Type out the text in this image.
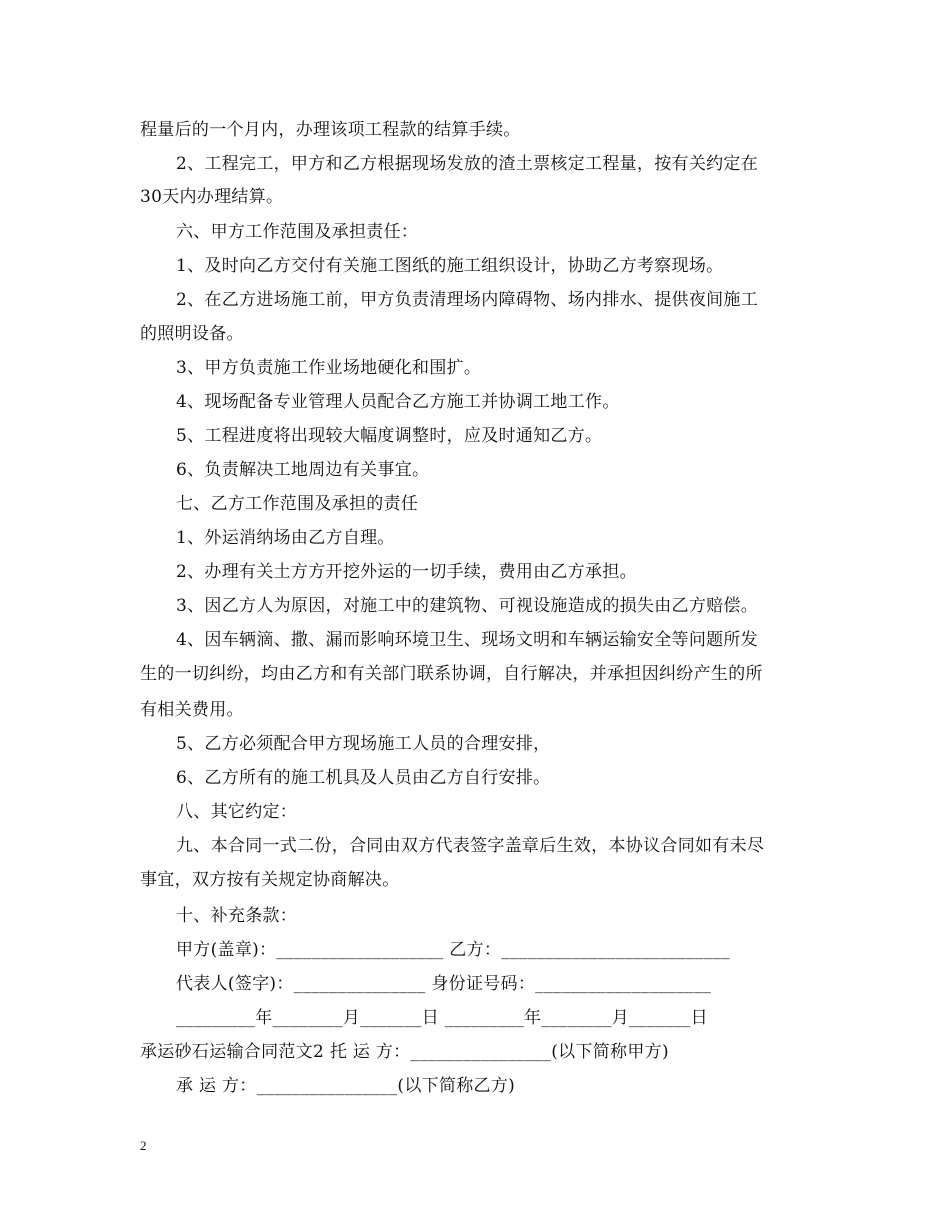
程量后的一个月内，办理该项工程款的结算手续。
2、工程完工，甲方和乙方根据现场发放的渣土票核定工程量，按有关约定在
30天内办理结算。
六、甲方工作范围及承担责任：
1、及时向乙方交付有关施工图纸的施工组织设计，协助乙方考察现场。
2、在乙方进场施工前，甲方负责清理场内障碍物、场内排水、提供夜间施工
的照明设备。
3、甲方负责施工作业场地硬化和围扩。
4、现场配备专业管理人员配合乙方施工并协调工地工作。
5、工程进度将出现较大幅度调整时，应及时通知乙方。
6、负责解决工地周边有关事宜。
七、乙方工作范围及承担的责任
1、外运消纳场由乙方自理。
2、办理有关土方方开挖外运的一切手续，费用由乙方承担。
3、因乙方人为原因，对施工中的建筑物、可视设施造成的损失由乙方赔偿。
4、因车辆滴、撒、漏而影响环境卫生、现场文明和车辆运输安全等问题所发
生的一切纠纷，均由乙方和有关部门联系协调，自行解决，并承担因纠纷产生的所
有相关费用。
5、乙方必须配合甲方现场施工人员的合理安排，
6、乙方所有的施工机具及人员由乙方自行安排。
八、其它约定：
九、本合同一式二份，合同由双方代表签字盖章后生效，本协议合同如有未尽
事宜，双方按有关规定协商解决。
十、补充条款：
甲方(盖章)：___________________ 乙方：__________________________
代表人(签字)：_______________ 身份证号码：____________________
_________年________月_______日 _________年________月_______日
承运砂石运输合同范文2 托 运 方：________________(以下简称甲方)
承 运 方：________________(以下简称乙方)
2
